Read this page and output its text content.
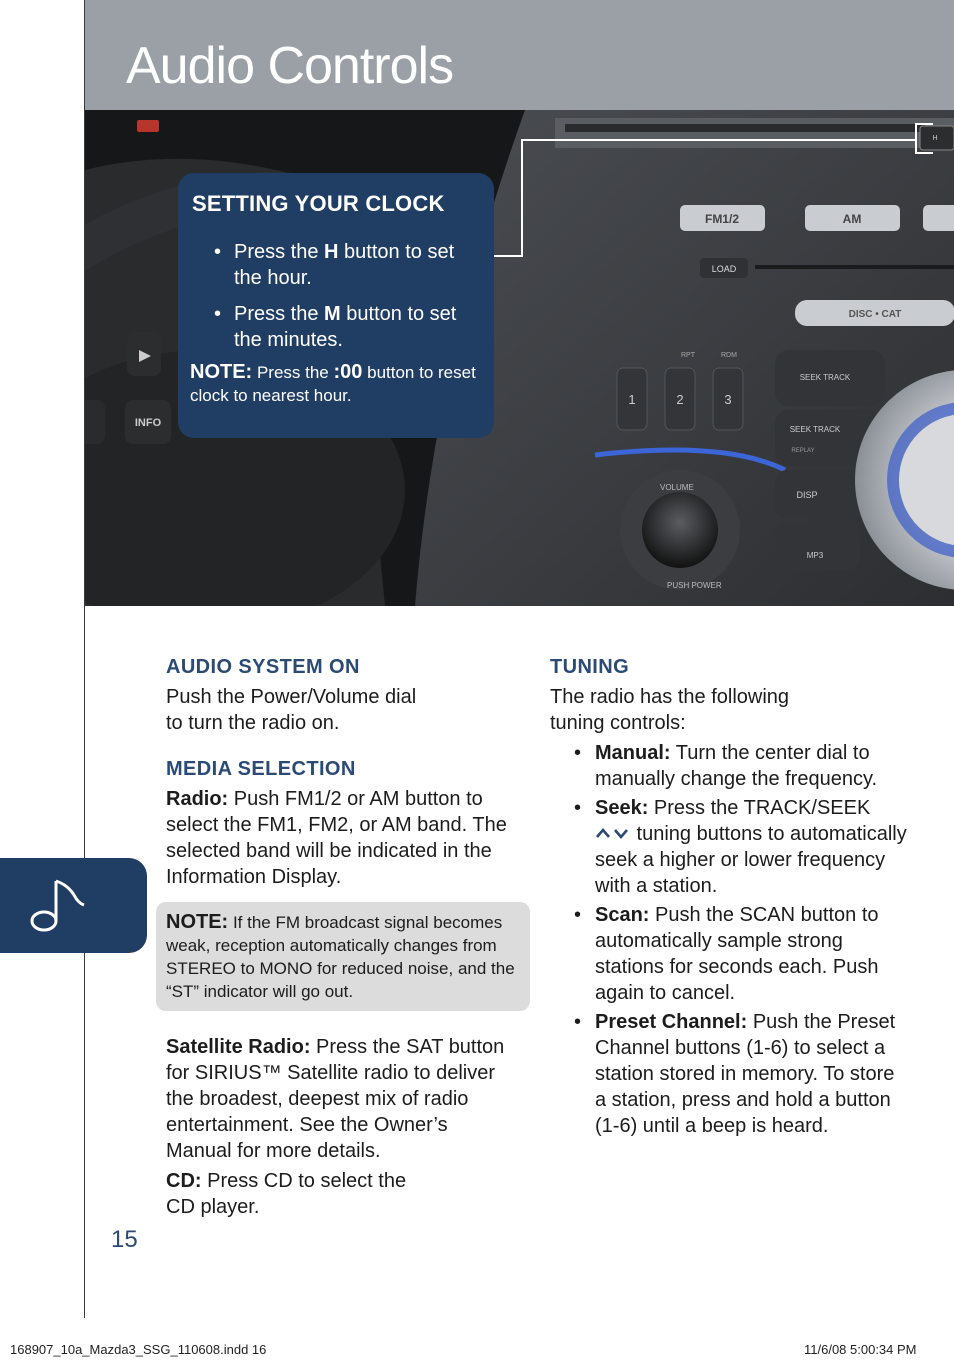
Audio Controls
FM1/2	AM
LOAD
DISC • CAT
RPT	RDM
1	2	3
SEEK TRACK
SEEK TRACK
REPLAY
VOLUME
PUSH POWER
DISP
MP3
INFO
H
SETTING YOUR CLOCK
• Press the H button to set the hour.
• Press the M button to set the minutes.

NOTE: Press the :00 button to reset clock to nearest hour.

AUDIO SYSTEM ON
Push the Power/Volume dial
to turn the radio on.
MEDIA SELECTION

Radio: Push FM1/2 or AM button to select the FM1, FM2, or AM band. The selected band will be indicated in the Information Display.

Satellite Radio: Press the SAT button for SIRIUS™ Satellite radio to deliver the broadest, deepest mix of radio entertainment. See the Owner’s Manual for more details.

CD: Press CD to select the CD player.

NOTE: If the FM broadcast signal becomes weak, reception automatically changes from STEREO to MONO for reduced noise, and the “ST” indicator will go out.
TUNING
The radio has the following
tuning controls:
• Manual: Turn the center dial to manually change the frequency.
• Seek: Press the TRACK/SEEK
tuning buttons to automatically seek a higher or lower frequency with a station.
• Scan: Push the SCAN button to automatically sample strong stations for seconds each. Push again to cancel.
• Preset Channel: Push the Preset Channel buttons (1-6) to select a station stored in memory. To store a station, press and hold a button (1-6) until a beep is heard.
15
168907_10a_Mazda3_SSG_110608.indd 16	11/6/08 5:00:34 PM
